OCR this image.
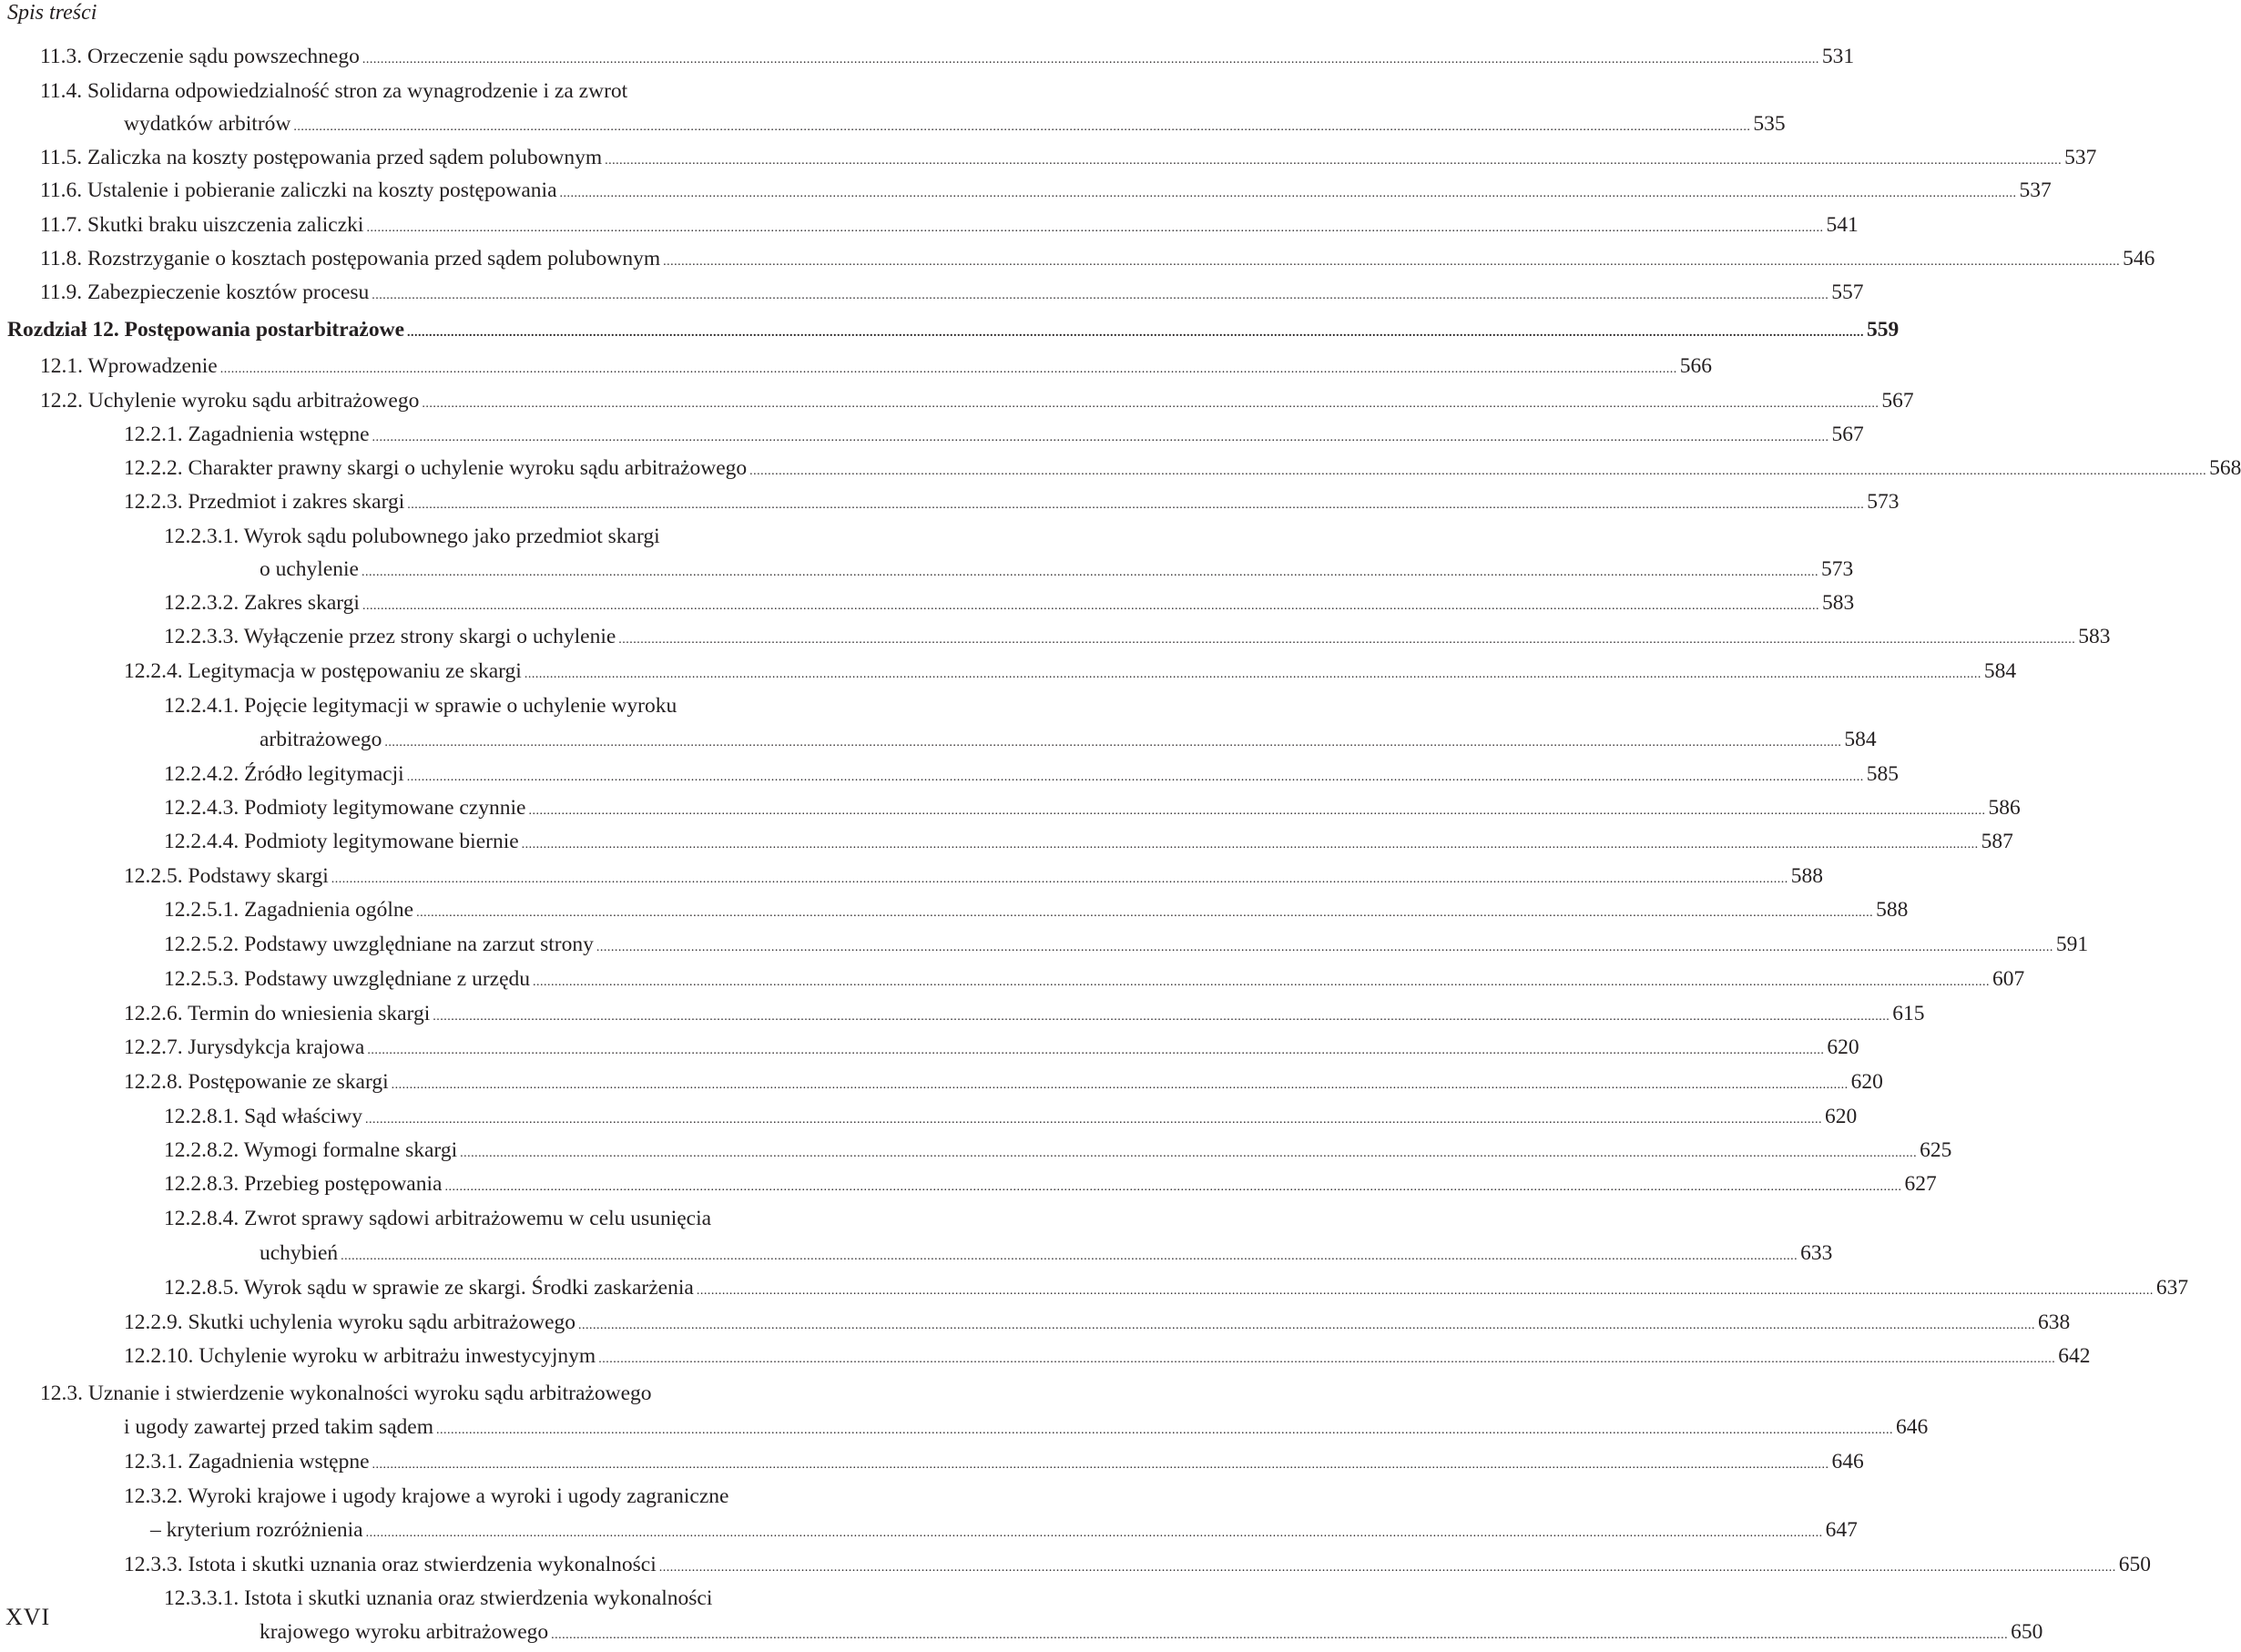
Spis treści
11.3. Orzeczenie sądu powszechnego ................................................................................................................................................................................................................................................................................................................................................................................................................ 531
11.4. Solidarna odpowiedzialność stron za wynagrodzenie i za zwrot
wydatków arbitrów ................................................................................................................................................................................................................................................................................................................................................................................................................ 535
11.5. Zaliczka na koszty postępowania przed sądem polubownym ................................................................................................................................................................................................................................................................................................................................................................................................................ 537
11.6. Ustalenie i pobieranie zaliczki na koszty postępowania ................................................................................................................................................................................................................................................................................................................................................................................................................ 537
11.7. Skutki braku uiszczenia zaliczki ................................................................................................................................................................................................................................................................................................................................................................................................................ 541
11.8. Rozstrzyganie o kosztach postępowania przed sądem polubownym ................................................................................................................................................................................................................................................................................................................................................................................................................ 546
11.9. Zabezpieczenie kosztów procesu ................................................................................................................................................................................................................................................................................................................................................................................................................ 557
Rozdział 12. Postępowania postarbitrażowe ................................................................................................................................................................................................................................................................................................................................................................................................................ 559
12.1. Wprowadzenie ................................................................................................................................................................................................................................................................................................................................................................................................................ 566
12.2. Uchylenie wyroku sądu arbitrażowego ................................................................................................................................................................................................................................................................................................................................................................................................................ 567
12.2.1. Zagadnienia wstępne ................................................................................................................................................................................................................................................................................................................................................................................................................ 567
12.2.2. Charakter prawny skargi o uchylenie wyroku sądu arbitrażowego ................................................................................................................................................................................................................................................................................................................................................................................................................ 568
12.2.3. Przedmiot i zakres skargi ................................................................................................................................................................................................................................................................................................................................................................................................................ 573
12.2.3.1. Wyrok sądu polubownego jako przedmiot skargi
o uchylenie ................................................................................................................................................................................................................................................................................................................................................................................................................ 573
12.2.3.2. Zakres skargi ................................................................................................................................................................................................................................................................................................................................................................................................................ 583
12.2.3.3. Wyłączenie przez strony skargi o uchylenie ................................................................................................................................................................................................................................................................................................................................................................................................................ 583
12.2.4. Legitymacja w postępowaniu ze skargi ................................................................................................................................................................................................................................................................................................................................................................................................................ 584
12.2.4.1. Pojęcie legitymacji w sprawie o uchylenie wyroku
arbitrażowego ................................................................................................................................................................................................................................................................................................................................................................................................................ 584
12.2.4.2. Źródło legitymacji ................................................................................................................................................................................................................................................................................................................................................................................................................ 585
12.2.4.3. Podmioty legitymowane czynnie ................................................................................................................................................................................................................................................................................................................................................................................................................ 586
12.2.4.4. Podmioty legitymowane biernie ................................................................................................................................................................................................................................................................................................................................................................................................................ 587
12.2.5. Podstawy skargi ................................................................................................................................................................................................................................................................................................................................................................................................................ 588
12.2.5.1. Zagadnienia ogólne ................................................................................................................................................................................................................................................................................................................................................................................................................ 588
12.2.5.2. Podstawy uwzględniane na zarzut strony ................................................................................................................................................................................................................................................................................................................................................................................................................ 591
12.2.5.3. Podstawy uwzględniane z urzędu ................................................................................................................................................................................................................................................................................................................................................................................................................ 607
12.2.6. Termin do wniesienia skargi ................................................................................................................................................................................................................................................................................................................................................................................................................ 615
12.2.7. Jurysdykcja krajowa ................................................................................................................................................................................................................................................................................................................................................................................................................ 620
12.2.8. Postępowanie ze skargi ................................................................................................................................................................................................................................................................................................................................................................................................................ 620
12.2.8.1. Sąd właściwy ................................................................................................................................................................................................................................................................................................................................................................................................................ 620
12.2.8.2. Wymogi formalne skargi ................................................................................................................................................................................................................................................................................................................................................................................................................ 625
12.2.8.3. Przebieg postępowania ................................................................................................................................................................................................................................................................................................................................................................................................................ 627
12.2.8.4. Zwrot sprawy sądowi arbitrażowemu w celu usunięcia
uchybień ................................................................................................................................................................................................................................................................................................................................................................................................................ 633
12.2.8.5. Wyrok sądu w sprawie ze skargi. Środki zaskarżenia ................................................................................................................................................................................................................................................................................................................................................................................................................ 637
12.2.9. Skutki uchylenia wyroku sądu arbitrażowego ................................................................................................................................................................................................................................................................................................................................................................................................................ 638
12.2.10. Uchylenie wyroku w arbitrażu inwestycyjnym ................................................................................................................................................................................................................................................................................................................................................................................................................ 642
12.3. Uznanie i stwierdzenie wykonalności wyroku sądu arbitrażowego
i ugody zawartej przed takim sądem ................................................................................................................................................................................................................................................................................................................................................................................................................ 646
12.3.1. Zagadnienia wstępne ................................................................................................................................................................................................................................................................................................................................................................................................................ 646
12.3.2. Wyroki krajowe i ugody krajowe a wyroki i ugody zagraniczne
– kryterium rozróżnienia ................................................................................................................................................................................................................................................................................................................................................................................................................ 647
12.3.3. Istota i skutki uznania oraz stwierdzenia wykonalności ................................................................................................................................................................................................................................................................................................................................................................................................................ 650
12.3.3.1. Istota i skutki uznania oraz stwierdzenia wykonalności
krajowego wyroku arbitrażowego ................................................................................................................................................................................................................................................................................................................................................................................................................ 650
XVI
